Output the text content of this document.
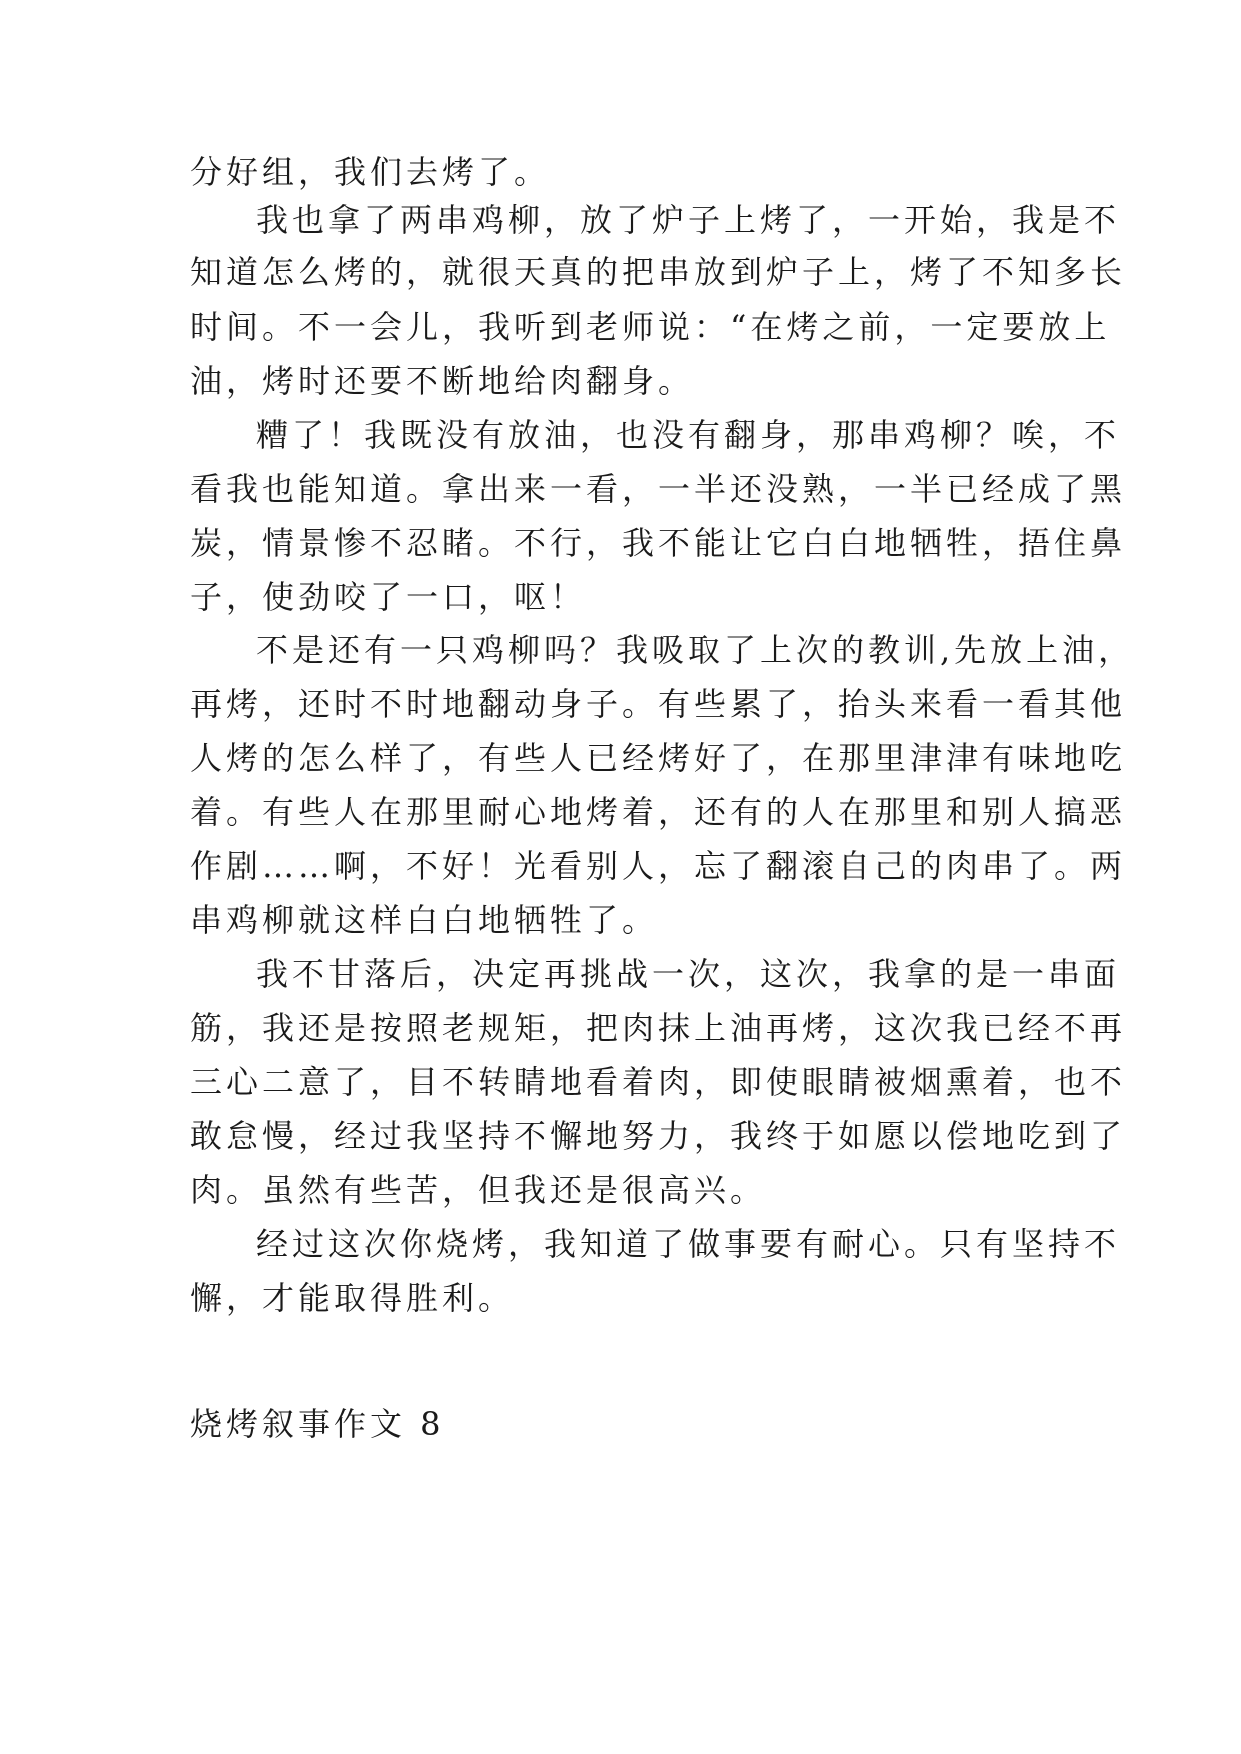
分好组，我们去烤了。
我也拿了两串鸡柳，放了炉子上烤了，一开始，我是不
知道怎么烤的，就很天真的把串放到炉子上，烤了不知多长
时间。不一会儿，我听到老师说：“在烤之前，一定要放上
油，烤时还要不断地给肉翻身。
糟了！我既没有放油，也没有翻身，那串鸡柳？唉，不
看我也能知道。拿出来一看，一半还没熟，一半已经成了黑
炭，情景惨不忍睹。不行，我不能让它白白地牺牲，捂住鼻
子，使劲咬了一口，呕！
不是还有一只鸡柳吗？我吸取了上次的教训,先放上油，
再烤，还时不时地翻动身子。有些累了，抬头来看一看其他
人烤的怎么样了，有些人已经烤好了，在那里津津有味地吃
着。有些人在那里耐心地烤着，还有的人在那里和别人搞恶
作剧……啊，不好！光看别人，忘了翻滚自己的肉串了。两
串鸡柳就这样白白地牺牲了。
我不甘落后，决定再挑战一次，这次，我拿的是一串面
筋，我还是按照老规矩，把肉抹上油再烤，这次我已经不再
三心二意了，目不转睛地看着肉，即使眼睛被烟熏着，也不
敢怠慢，经过我坚持不懈地努力，我终于如愿以偿地吃到了
肉。虽然有些苦，但我还是很高兴。
经过这次你烧烤，我知道了做事要有耐心。只有坚持不
懈，才能取得胜利。
烧烤叙事作文 8
